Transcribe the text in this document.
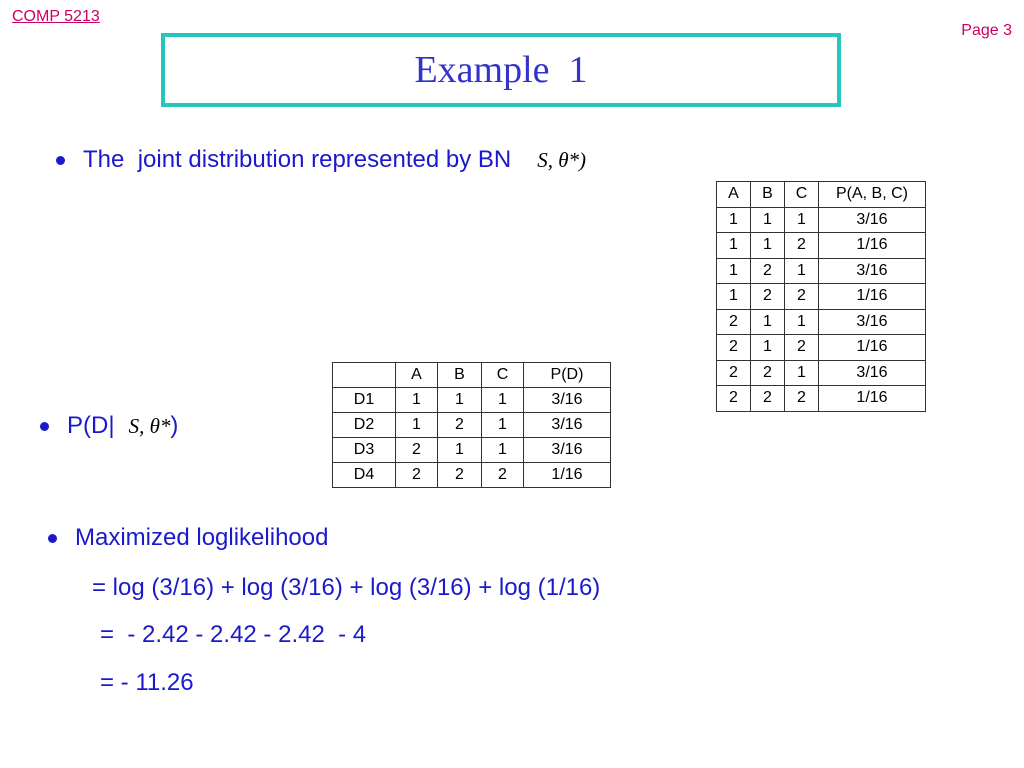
COMP 5213
Page 3
Example  1
The  joint distribution represented by BN S, θ*)
A	B	C	P(A, B, C)
1	1	1	3/16
1	1	2	1/16
1	2	1	3/16
1	2	2	1/16
2	1	1	3/16
2	1	2	1/16
2	2	1	3/16
2	2	2	1/16
	A	B	C	P(D)
D1	1	1	1	3/16
D2	1	2	1	3/16
D3	2	1	1	3/16
D4	2	2	2	1/16
P(D| S, θ* )
Maximized loglikelihood
= log (3/16) + log (3/16) + log (3/16) + log (1/16)
=  - 2.42 - 2.42 - 2.42  - 4
= - 11.26
